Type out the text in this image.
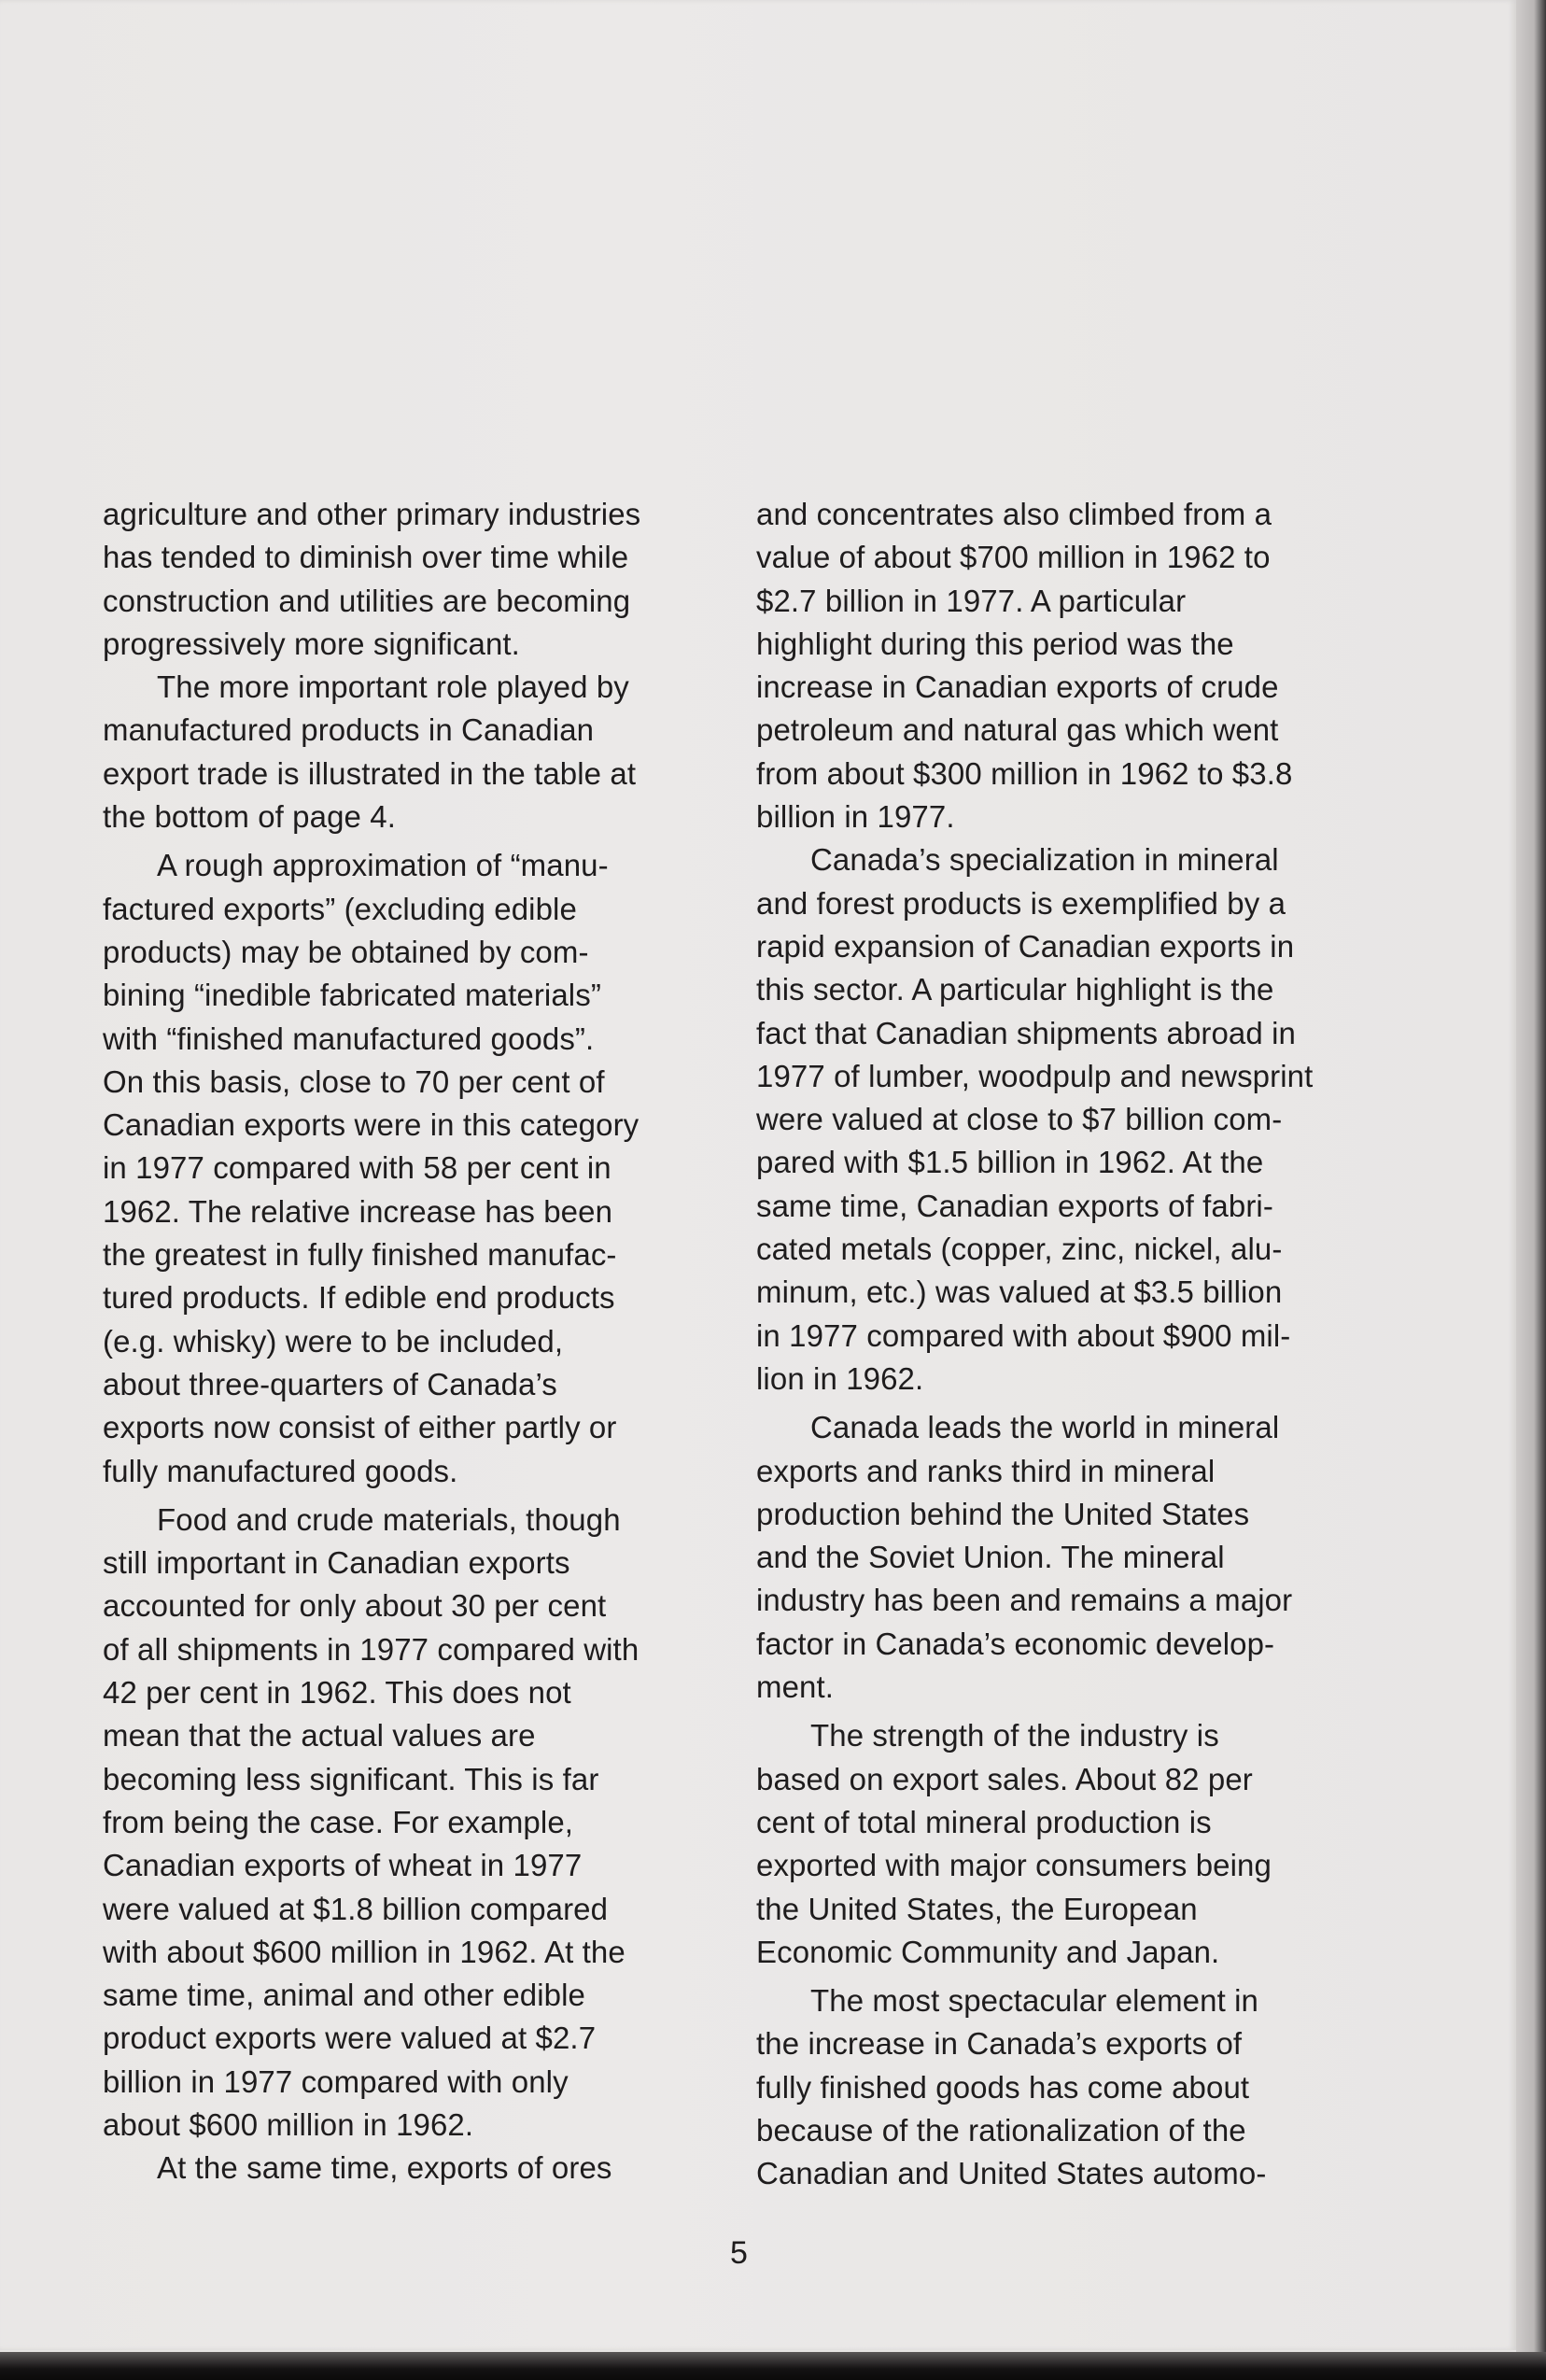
agriculture and other primary industries
has tended to diminish over time while
construction and utilities are becoming
progressively more significant.

The more important role played by
manufactured products in Canadian
export trade is illustrated in the table at
the bottom of page 4.

A rough approximation of “manu-
factured exports” (excluding edible
products) may be obtained by com-
bining “inedible fabricated materials”
with “finished manufactured goods”.
On this basis, close to 70 per cent of
Canadian exports were in this category
in 1977 compared with 58 per cent in
1962. The relative increase has been
the greatest in fully finished manufac-
tured products. If edible end products
(e.g. whisky) were to be included,
about three-quarters of Canada’s
exports now consist of either partly or
fully manufactured goods.

Food and crude materials, though
still important in Canadian exports
accounted for only about 30 per cent
of all shipments in 1977 compared with
42 per cent in 1962. This does not
mean that the actual values are
becoming less significant. This is far
from being the case. For example,
Canadian exports of wheat in 1977
were valued at $1.8 billion compared
with about $600 million in 1962. At the
same time, animal and other edible
product exports were valued at $2.7
billion in 1977 compared with only
about $600 million in 1962.

At the same time, exports of ores

and concentrates also climbed from a
value of about $700 million in 1962 to
$2.7 billion in 1977. A particular
highlight during this period was the
increase in Canadian exports of crude
petroleum and natural gas which went
from about $300 million in 1962 to $3.8
billion in 1977.

Canada’s specialization in mineral
and forest products is exemplified by a
rapid expansion of Canadian exports in
this sector. A particular highlight is the
fact that Canadian shipments abroad in
1977 of lumber, woodpulp and newsprint
were valued at close to $7 billion com-
pared with $1.5 billion in 1962. At the
same time, Canadian exports of fabri-
cated metals (copper, zinc, nickel, alu-
minum, etc.) was valued at $3.5 billion
in 1977 compared with about $900 mil-
lion in 1962.

Canada leads the world in mineral
exports and ranks third in mineral
production behind the United States
and the Soviet Union. The mineral
industry has been and remains a major
factor in Canada’s economic develop-
ment.

The strength of the industry is
based on export sales. About 82 per
cent of total mineral production is
exported with major consumers being
the United States, the European
Economic Community and Japan.

The most spectacular element in
the increase in Canada’s exports of
fully finished goods has come about
because of the rationalization of the
Canadian and United States automo-

5
